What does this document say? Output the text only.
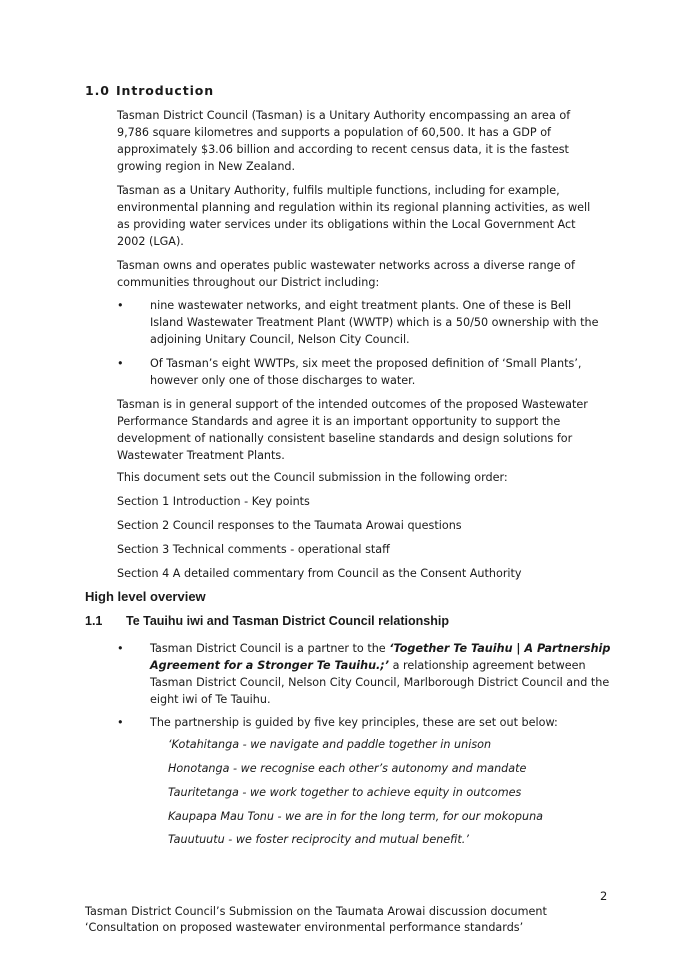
1.0 Introduction

Tasman District Council (Tasman) is a Unitary Authority encompassing an area of 9,786 square kilometres and supports a population of 60,500. It has a GDP of approximately $3.06 billion and according to recent census data, it is the fastest growing region in New Zealand.

Tasman as a Unitary Authority, fulfils multiple functions, including for example, environmental planning and regulation within its regional planning activities, as well as providing water services under its obligations within the Local Government Act 2002 (LGA).

Tasman owns and operates public wastewater networks across a diverse range of communities throughout our District including:

• nine wastewater networks, and eight treatment plants. One of these is Bell Island Wastewater Treatment Plant (WWTP) which is a 50/50 ownership with the adjoining Unitary Council, Nelson City Council.
• Of Tasman’s eight WWTPs, six meet the proposed definition of ‘Small Plants’, however only one of those discharges to water.

Tasman is in general support of the intended outcomes of the proposed Wastewater Performance Standards and agree it is an important opportunity to support the development of nationally consistent baseline standards and design solutions for Wastewater Treatment Plants.

This document sets out the Council submission in the following order:
Section 1 Introduction - Key points
Section 2 Council responses to the Taumata Arowai questions
Section 3 Technical comments - operational staff
Section 4 A detailed commentary from Council as the Consent Authority
High level overview
1.1 Te Tauihu iwi and Tasman District Council relationship
• Tasman District Council is a partner to the ‘Together Te Tauihu | A Partnership Agreement for a Stronger Te Tauihu.;’ a relationship agreement between Tasman District Council, Nelson City Council, Marlborough District Council and the eight iwi of Te Tauihu.
• The partnership is guided by five key principles, these are set out below:
‘Kotahitanga - we navigate and paddle together in unison
Honotanga - we recognise each other’s autonomy and mandate
Tauritetanga - we work together to achieve equity in outcomes
Kaupapa Mau Tonu - we are in for the long term, for our mokopuna
Tauutuutu - we foster reciprocity and mutual benefit.’
2
Tasman District Council’s Submission on the Taumata Arowai discussion document
‘Consultation on proposed wastewater environmental performance standards’
